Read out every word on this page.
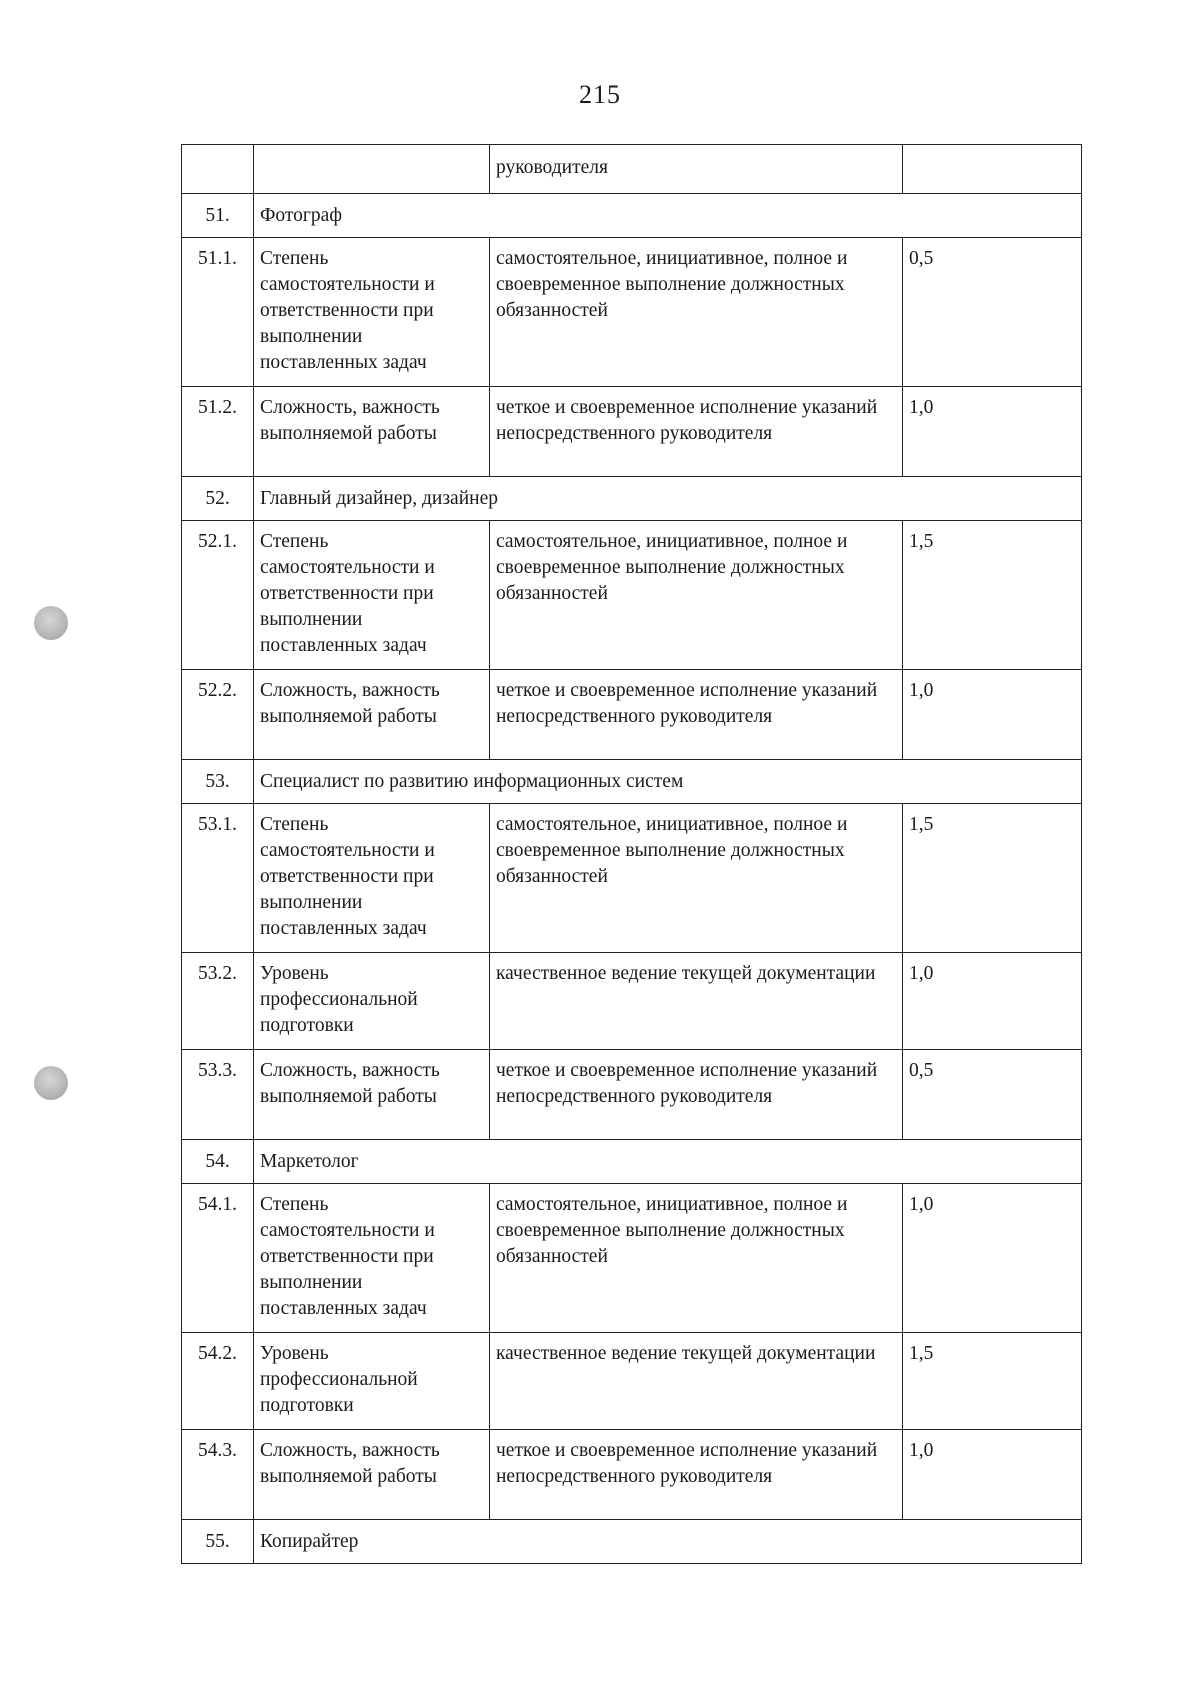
215
		руководителя	
51.	Фотограф		
51.1.	Степень самостоятельности и ответственности при выполнении поставленных задач	самостоятельное, инициативное, полное и своевременное выполнение должностных обязанностей	0,5
51.2.	Сложность, важность выполняемой работы	четкое и своевременное исполнение указаний непосредственного руководителя	1,0
52.	Главный дизайнер, дизайнер		
52.1.	Степень самостоятельности и ответственности при выполнении поставленных задач	самостоятельное, инициативное, полное и своевременное выполнение должностных обязанностей	1,5
52.2.	Сложность, важность выполняемой работы	четкое и своевременное исполнение указаний непосредственного руководителя	1,0
53.	Специалист по развитию информационных систем		
53.1.	Степень самостоятельности и ответственности при выполнении поставленных задач	самостоятельное, инициативное, полное и своевременное выполнение должностных обязанностей	1,5
53.2.	Уровень профессиональной подготовки	качественное ведение текущей документации	1,0
53.3.	Сложность, важность выполняемой работы	четкое и своевременное исполнение указаний непосредственного руководителя	0,5
54.	Маркетолог		
54.1.	Степень самостоятельности и ответственности при выполнении поставленных задач	самостоятельное, инициативное, полное и своевременное выполнение должностных обязанностей	1,0
54.2.	Уровень профессиональной подготовки	качественное ведение текущей документации	1,5
54.3.	Сложность, важность выполняемой работы	четкое и своевременное исполнение указаний непосредственного руководителя	1,0
55.	Копирайтер		
